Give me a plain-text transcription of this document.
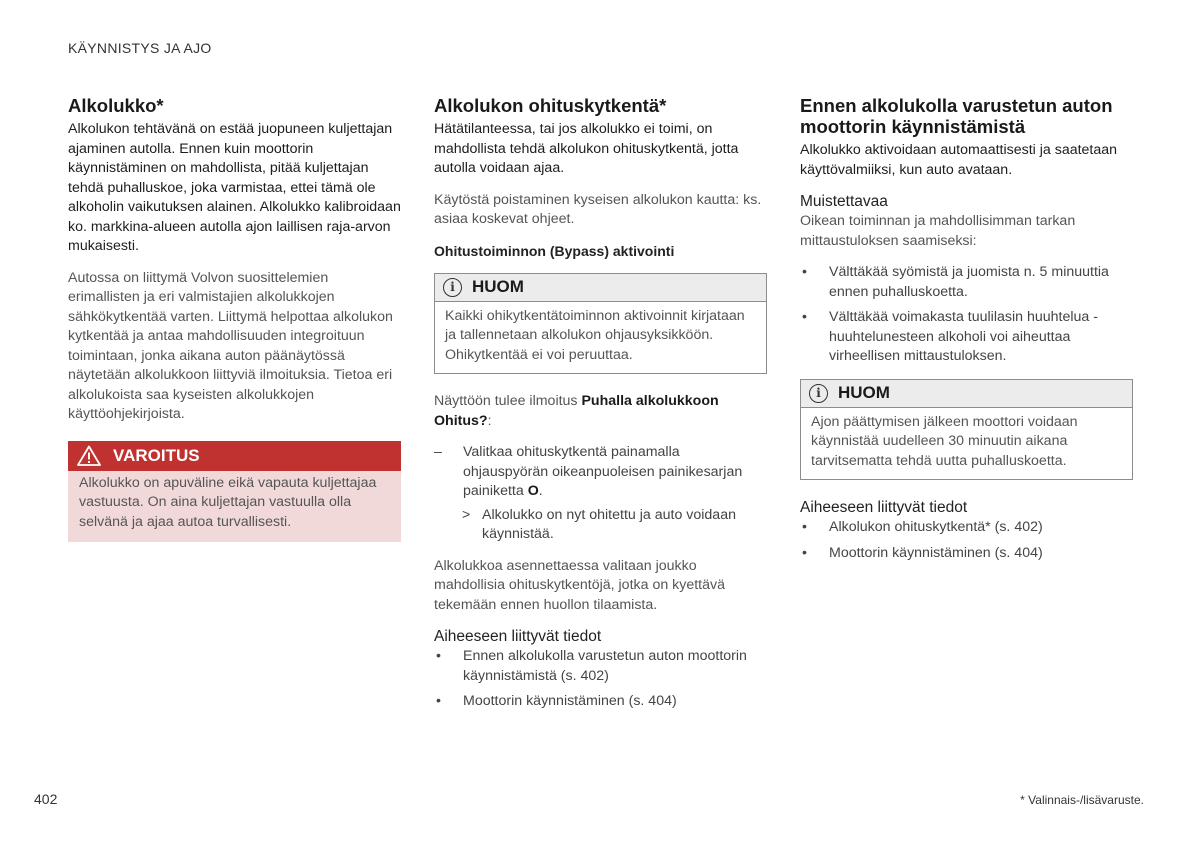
KÄYNNISTYS JA AJO
Alkolukko*

Alkolukon tehtävänä on estää juopuneen kuljettajan ajaminen autolla. Ennen kuin moottorin käynnistäminen on mahdollista, pitää kuljettajan tehdä puhalluskoe, joka varmistaa, ettei tämä ole alkoholin vaikutuksen alainen. Alkolukko kalibroidaan ko. markkina-alueen autolla ajon laillisen raja-arvon mukaisesti.

Autossa on liittymä Volvon suosittelemien erimallisten ja eri valmistajien alkolukkojen sähkökytkentää varten. Liittymä helpottaa alkolukon kytkentää ja antaa mahdollisuuden integroituun toimintaan, jonka aikana auton päänäytössä näytetään alkolukkoon liittyviä ilmoituksia. Tietoa eri alkolukoista saa kyseisten alkolukkojen käyttöohjekirjoista.

VAROITUS
Alkolukko on apuväline eikä vapauta kuljettajaa vastuusta. On aina kuljettajan vastuulla olla selvänä ja ajaa autoa turvallisesti.
Alkolukon ohituskytkentä*

Hätätilanteessa, tai jos alkolukko ei toimi, on mahdollista tehdä alkolukon ohituskytkentä, jotta autolla voidaan ajaa.

Käytöstä poistaminen kyseisen alkolukon kautta: ks. asiaa koskevat ohjeet.

Ohitustoiminnon (Bypass) aktivointi
i	HUOM
Kaikki ohikytkentätoiminnon aktivoinnit kirjataan ja tallennetaan alkolukon ohjausyksikköön. Ohikytkentää ei voi peruuttaa.

Näyttöön tulee ilmoitus Puhalla alkolukkoon Ohitus?:

– Valitkaa ohituskytkentä painamalla ohjauspyörän oikeanpuoleisen painikesarjan painiketta O.
> Alkolukko on nyt ohitettu ja auto voidaan käynnistää.

Alkolukkoa asennettaessa valitaan joukko mahdollisia ohituskytkentöjä, jotka on kyettävä tekemään ennen huollon tilaamista.

Aiheeseen liittyvät tiedot
• Ennen alkolukolla varustetun auton moottorin käynnistämistä (s. 402)
• Moottorin käynnistäminen (s. 404)
Ennen alkolukolla varustetun auton moottorin käynnistämistä

Alkolukko aktivoidaan automaattisesti ja saatetaan käyttövalmiiksi, kun auto avataan.

Muistettavaa

Oikean toiminnan ja mahdollisimman tarkan mittaustuloksen saamiseksi:

• Välttäkää syömistä ja juomista n. 5 minuuttia ennen puhalluskoetta.
• Välttäkää voimakasta tuulilasin huuhtelua - huuhtelunesteen alkoholi voi aiheuttaa virheellisen mittaustuloksen.
i	HUOM
Ajon päättymisen jälkeen moottori voidaan käynnistää uudelleen 30 minuutin aikana tarvitsematta tehdä uutta puhalluskoetta.
Aiheeseen liittyvät tiedot
• Alkolukon ohituskytkentä* (s. 402)
• Moottorin käynnistäminen (s. 404)
402	* Valinnais-/lisävaruste.
